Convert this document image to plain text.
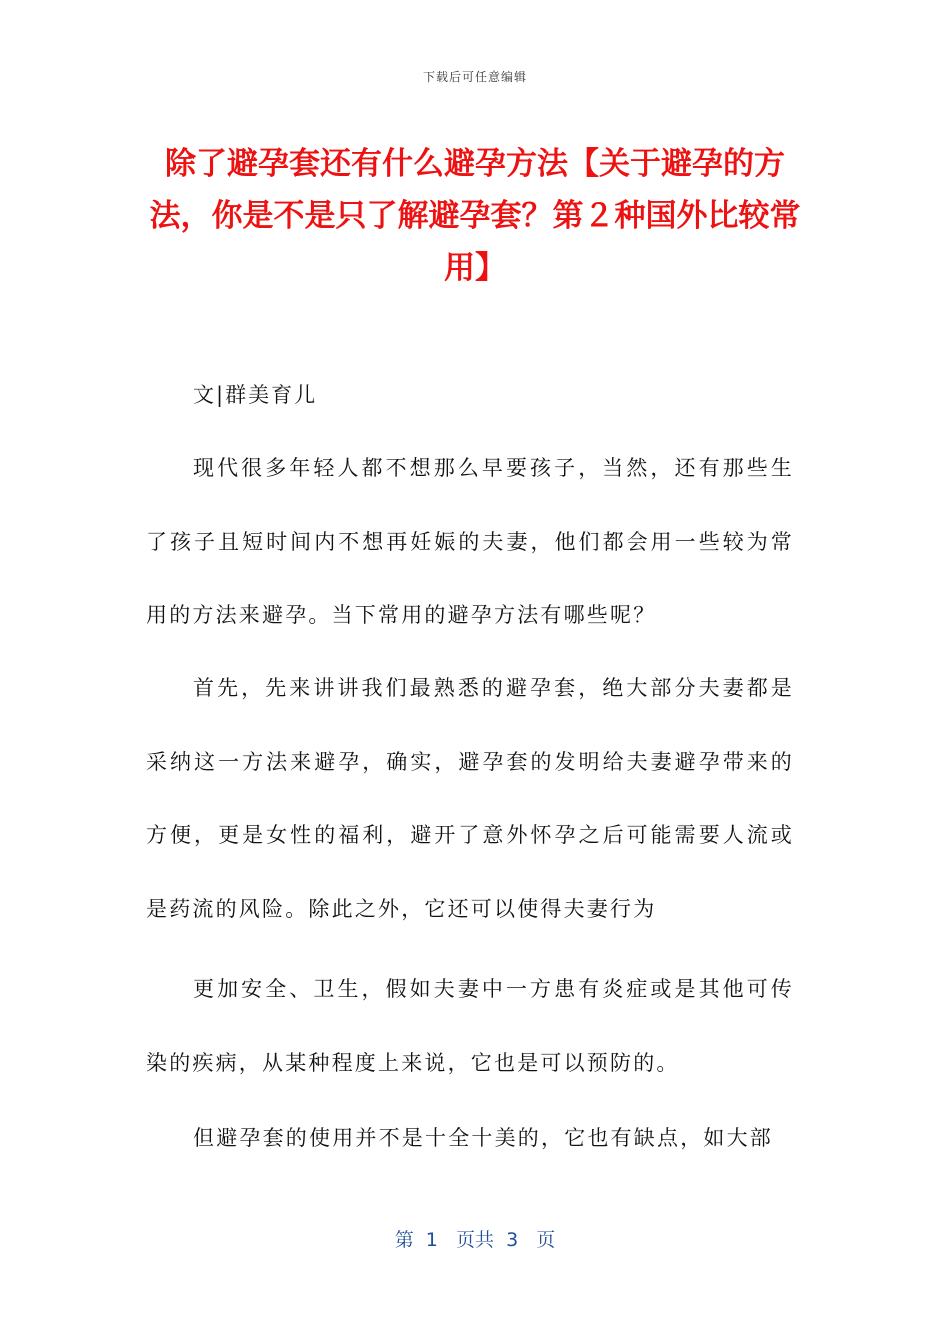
下载后可任意编辑
除了避孕套还有什么避孕方法【关于避孕的方法，你是不是只了解避孕套？第２种国外比较常用】
文|群美育儿

现代很多年轻人都不想那么早要孩子，当然，还有那些生了孩子且短时间内不想再妊娠的夫妻，他们都会用一些较为常用的方法来避孕。当下常用的避孕方法有哪些呢？

首先，先来讲讲我们最熟悉的避孕套，绝大部分夫妻都是采纳这一方法来避孕，确实，避孕套的发明给夫妻避孕带来的方便，更是女性的福利，避开了意外怀孕之后可能需要人流或是药流的风险。除此之外，它还可以使得夫妻行为

更加安全、卫生，假如夫妻中一方患有炎症或是其他可传染的疾病，从某种程度上来说，它也是可以预防的。

但避孕套的使用并不是十全十美的，它也有缺点，如大部

第  1   页共  3   页
